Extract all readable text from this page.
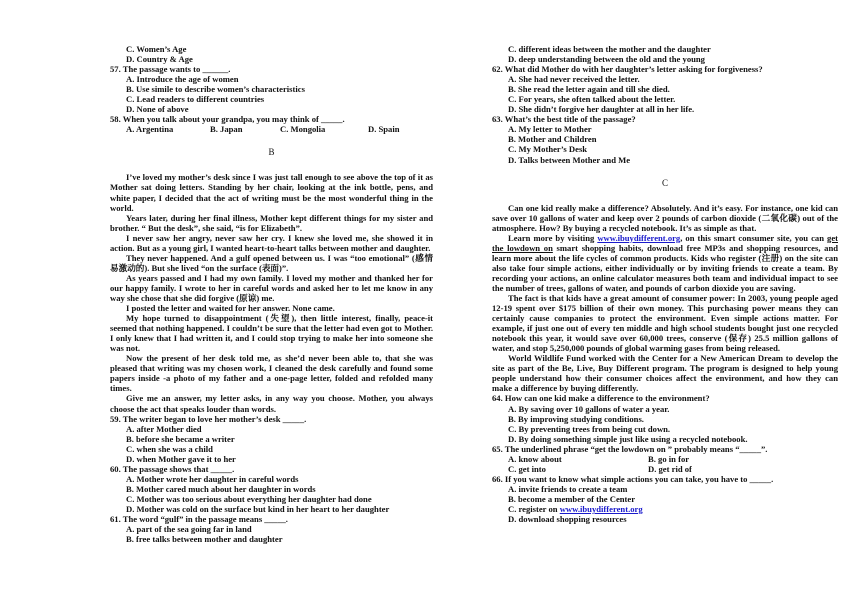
C. Women’s Age
D. Country & Age
57. The passage wants to ______.
A. Introduce the age of women
B. Use simile to describe women’s characteristics
C. Lead readers to different countries
D. None of above
58. When you talk about your grandpa, you may think of _____.
A. Argentina	B. Japan	C. Mongolia	D. Spain
B

I’ve loved my mother’s desk since I was just tall enough to see above the top of it as Mother sat doing letters. Standing by her chair, looking at the ink bottle, pens, and white paper, I decided that the act of writing must be the most wonderful thing in the world.

Years later, during her final illness, Mother kept different things for my sister and brother. “ But the desk”, she said, “is for Elizabeth”.

I never saw her angry, never saw her cry. I knew she loved me, she showed it in action. But as a young girl, I wanted heart-to-heart talks between mother and daughter.

They never happened. And a gulf opened between us. I was “too emotional” (感情易激动的). But she lived “on the surface (表面)”.

As years passed and I had my own family. I loved my mother and thanked her for our happy family. I wrote to her in careful words and asked her to let me know in any way she chose that she did forgive (原谅) me.

I posted the letter and waited for her answer. None came.

My hope turned to disappointment (失望), then little interest, finally, peace-it seemed that nothing happened. I couldn’t be sure that the letter had even got to Mother. I only knew that I had written it, and I could stop trying to make her into someone she was not.

Now the present of her desk told me, as she’d never been able to, that she was pleased that writing was my chosen work, I cleaned the desk carefully and found some papers inside -a photo of my father and a one-page letter, folded and refolded many times.

Give me an answer, my letter asks, in any way you choose. Mother, you always choose the act that speaks louder than words.

59. The writer began to love her mother’s desk _____.
A. after Mother died
B. before she became a writer
C. when she was a child
D. when Mother gave it to her
60. The passage shows that _____.
A. Mother wrote her daughter in careful words
B. Mother cared much about her daughter in words
C. Mother was too serious about everything her daughter had done
D. Mother was cold on the surface but kind in her heart to her daughter
61. The word “gulf” in the passage means _____.
A. part of the sea going far in land
B. free talks between mother and daughter
C. different ideas between the mother and the daughter
D. deep understanding between the old and the young
62. What did Mother do with her daughter’s letter asking for forgiveness?
A. She had never received the letter.
B. She read the letter again and till she died.
C. For years, she often talked about the letter.
D. She didn’t forgive her daughter at all in her life.
63. What’s the best title of the passage?
A. My letter to Mother
B. Mother and Children
C. My Mother’s Desk
D. Talks between Mother and Me
C

Can one kid really make a difference? Absolutely. And it’s easy. For instance, one kid can save over 10 gallons of water and keep over 2 pounds of carbon dioxide (二氧化碳) out of the atmosphere. How? By buying a recycled notebook. It’s as simple as that.

Learn more by visiting www.ibuydifferent.org, on this smart consumer site, you can get the lowdown on smart shopping habits, download free MP3s and shopping resources, and learn more about the life cycles of common products. Kids who register (注册) on the site can also take four simple actions, either individually or by inviting friends to create a team. By recording your actions, an online calculator measures both team and individual impact to see the number of trees, gallons of water, and pounds of carbon dioxide you are saving.

The fact is that kids have a great amount of consumer power: In 2003, young people aged 12-19 spent over $175 billion of their own money. This purchasing power means they can certainly cause companies to protect the environment. Even simple actions matter. For example, if just one out of every ten middle and high school students bought just one recycled notebook this year, it would save over 60,000 trees, conserve (保存) 25.5 million gallons of water, and stop 5,250,000 pounds of global warming gases from being released.

World Wildlife Fund worked with the Center for a New American Dream to develop the site as part of the Be, Live, Buy Different program. The program is designed to help young people understand how their consumer choices affect the environment, and how they can make a difference by buying differently.

64. How can one kid make a difference to the environment?
A. By saving over 10 gallons of water a year.
B. By improving studying conditions.
C. By preventing trees from being cut down.
D. By doing something simple just like using a recycled notebook.
65. The underlined phrase “get the lowdown on ” probably means “_____”.
A. know about	B. go in for
C. get into	D. get rid of
66. If you want to know what simple actions you can take, you have to _____.
A. invite friends to create a team
B. become a member of the Center
C. register on www.ibuydifferent.org
D. download shopping resources
